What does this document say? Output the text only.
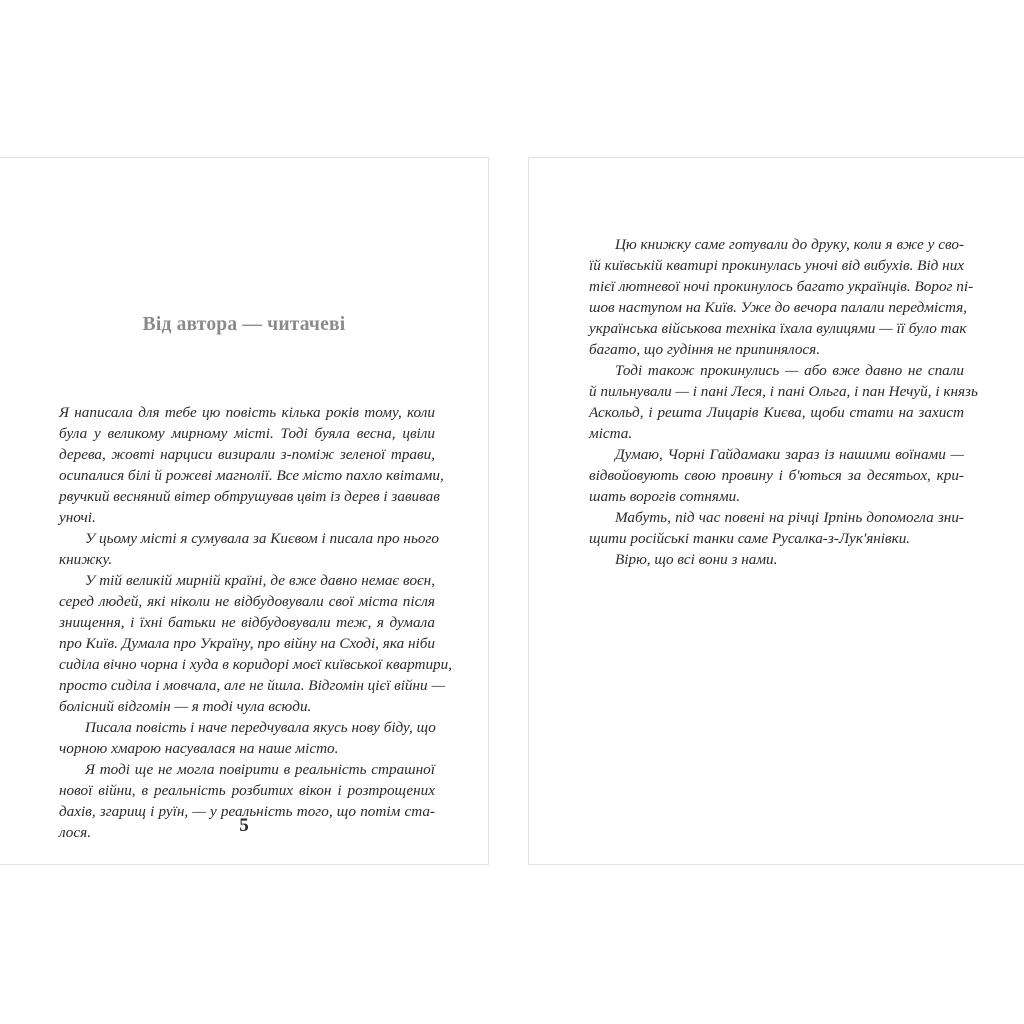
Від автора — читачеві
Я написала для тебе цю повість кілька років тому, коли
була у великому мирному місті. Тоді буяла весна, цвіли
дерева, жовті нарциси визирали з-поміж зеленої трави,
осипалися білі й рожеві магнолії. Все місто пахло квітами,
рвучкий весняний вітер обтрушував цвіт із дерев і завивав
уночі.
У цьому місті я сумувала за Києвом і писала про нього
книжку.
У тій великій мирній країні, де вже давно немає воєн,
серед людей, які ніколи не відбудовували свої міста після
знищення, і їхні батьки не відбудовували теж, я думала
про Київ. Думала про Україну, про війну на Сході, яка ніби
сиділа вічно чорна і худа в коридорі моєї київської квартири,
просто сиділа і мовчала, але не йшла. Відгомін цієї війни —
болісний відгомін — я тоді чула всюди.
Писала повість і наче передчувала якусь нову біду, що
чорною хмарою насувалася на наше місто.
Я тоді ще не могла повірити в реальність страшної
нової війни, в реальність розбитих вікон і розтрощених
дахів, згарищ і руїн, — у реальність того, що потім ста-
лося.	5
Цю книжку саме готували до друку, коли я вже у сво-
їй київській кватирі прокинулась уночі від вибухів. Від них
тієї лютневої ночі прокинулось багато українців. Ворог пі-
шов наступом на Київ. Уже до вечора палали передмістя,
українська військова техніка їхала вулицями — її було так
багато, що гудіння не припинялося.
Тоді також прокинулись — або вже давно не спали
й пильнували — і пані Леся, і пані Ольга, і пан Нечуй, і князь
Аскольд, і решта Лицарів Києва, щоби стати на захист
міста.
Думаю, Чорні Гайдамаки зараз із нашими воїнами —
відвойовують свою провину і б'ються за десятьох, кри-
шать ворогів сотнями.
Мабуть, під час повені на річці Ірпінь допомогла зни-
щити російські танки саме Русалка-з-Лук'янівки.
Вірю, що всі вони з нами.
